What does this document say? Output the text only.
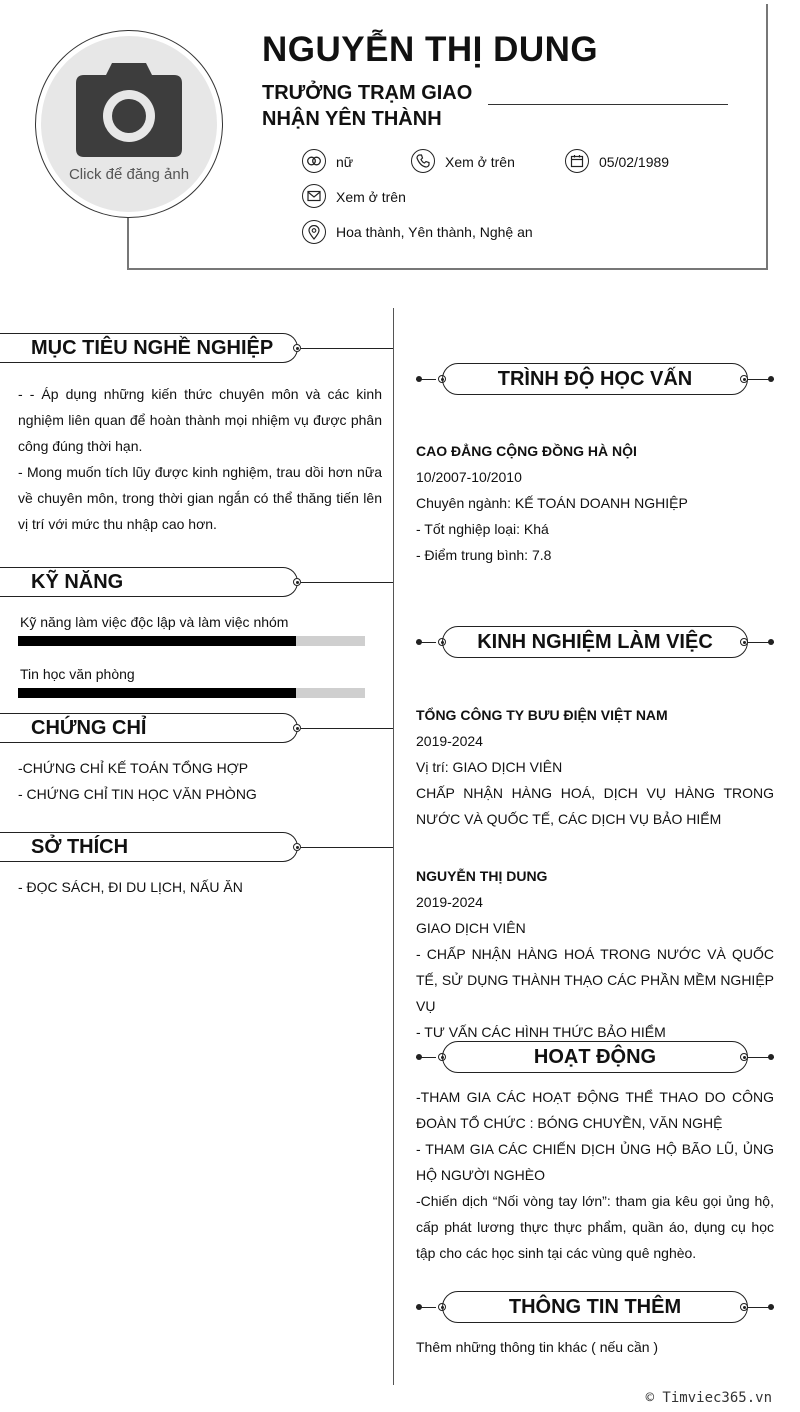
Click để đăng ảnh
NGUYỄN THỊ DUNG
TRƯỞNG TRẠM GIAO
NHẬN YÊN THÀNH
nữ	Xem ở trên	05/02/1989
Xem ở trên
Hoa thành, Yên thành, Nghệ an
MỤC TIÊU NGHỀ NGHIỆP
- - Áp dụng những kiến thức chuyên môn và các kinh nghiệm liên quan để hoàn thành mọi nhiệm vụ được phân công đúng thời hạn.
- Mong muốn tích lũy được kinh nghiệm, trau dồi hơn nữa về chuyên môn, trong thời gian ngắn có thể thăng tiến lên vị trí với mức thu nhập cao hơn.
KỸ NĂNG
Kỹ năng làm việc độc lập và làm việc nhóm
Tin học văn phòng
CHỨNG CHỈ
-CHỨNG CHỈ KẾ TOÁN TỔNG HỢP
- CHỨNG CHỈ TIN HỌC VĂN PHÒNG
SỞ THÍCH
- ĐỌC SÁCH, ĐI DU LỊCH, NẤU ĂN
TRÌNH ĐỘ HỌC VẤN
CAO ĐẲNG CỘNG ĐỒNG HÀ NỘI
10/2007-10/2010
Chuyên ngành: KẾ TOÁN DOANH NGHIỆP
- Tốt nghiệp loại: Khá
- Điểm trung bình: 7.8
KINH NGHIỆM LÀM VIỆC
TỔNG CÔNG TY BƯU ĐIỆN VIỆT NAM
2019-2024
Vị trí: GIAO DỊCH VIÊN
CHẤP NHẬN HÀNG HOÁ, DỊCH VỤ HÀNG TRONG NƯỚC VÀ QUỐC TẾ, CÁC DỊCH VỤ BẢO HIỂM
NGUYỄN THỊ DUNG
2019-2024
GIAO DỊCH VIÊN
- CHẤP NHẬN HÀNG HOÁ TRONG NƯỚC VÀ QUỐC TẾ, SỬ DỤNG THÀNH THẠO CÁC PHẦN MỀM NGHIỆP VỤ
- TƯ VẤN CÁC HÌNH THỨC BẢO HIỂM
HOẠT ĐỘNG
-THAM GIA CÁC HOẠT ĐỘNG THỂ THAO DO CÔNG ĐOÀN TỔ CHỨC : BÓNG CHUYỀN, VĂN NGHỆ
- THAM GIA CÁC CHIẾN DỊCH ỦNG HỘ BÃO LŨ, ỦNG HỘ NGƯỜI NGHÈO
-Chiến dịch “Nối vòng tay lớn”: tham gia kêu gọi ủng hộ, cấp phát lương thực thực phẩm, quần áo, dụng cụ học tập cho các học sinh tại các vùng quê nghèo.
THÔNG TIN THÊM
Thêm những thông tin khác ( nếu cần )
© Timviec365.vn
